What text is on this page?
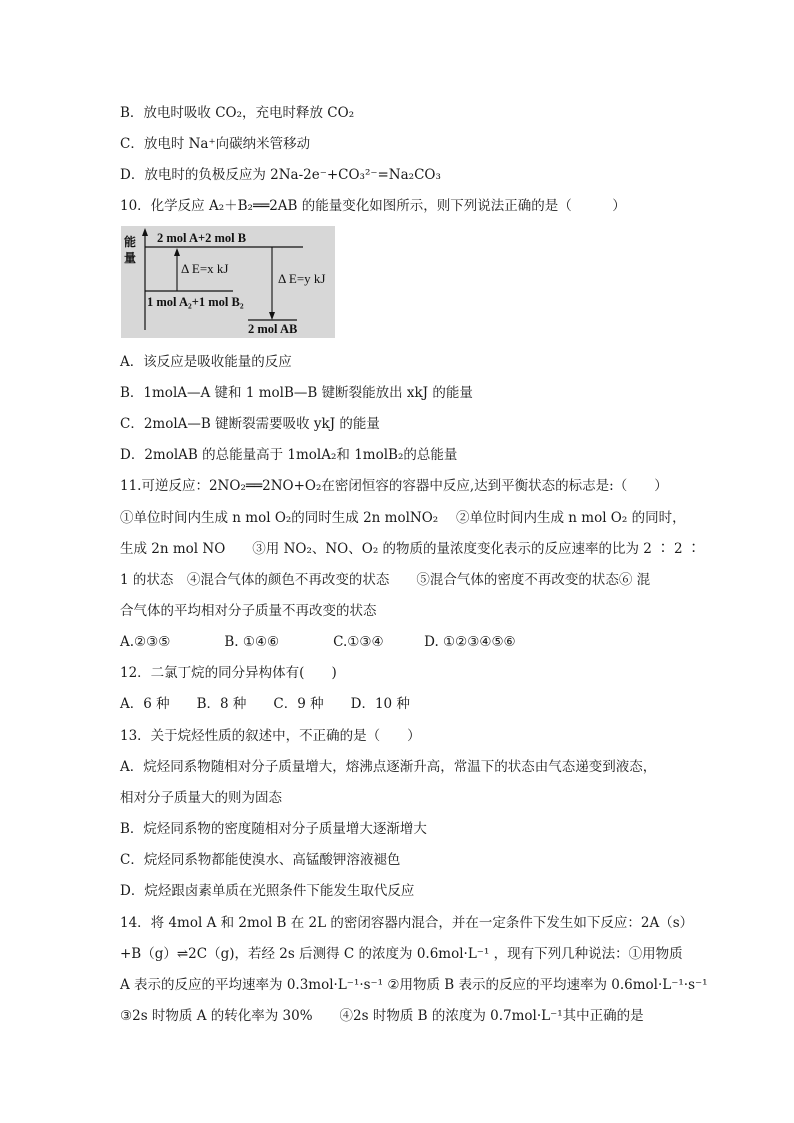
B．放电时吸收 CO₂，充电时释放 CO₂
C．放电时 Na⁺向碳纳米管移动
D．放电时的负极反应为 2Na-2e⁻+CO₃²⁻=Na₂CO₃
10．化学反应 A₂＋B₂══2AB 的能量变化如图所示，则下列说法正确的是（　　　）
A．该反应是吸收能量的反应
B．1molA—A 键和 1 molB—B 键断裂能放出 xkJ 的能量
C．2molA—B 键断裂需要吸收 ykJ 的能量
D．2molAB 的总能量高于 1molA₂和 1molB₂的总能量
11.可逆反应：2NO₂══2NO+O₂在密闭恒容的容器中反应,达到平衡状态的标志是:（　　）
①单位时间内生成 n mol O₂的同时生成 2n molNO₂　 ②单位时间内生成 n mol O₂ 的同时，
生成 2n mol NO　　③用 NO₂、NO、O₂ 的物质的量浓度变化表示的反应速率的比为 2 ∶ 2 ∶
1 的状态　④混合气体的颜色不再改变的状态　　⑤混合气体的密度不再改变的状态⑥ 混
合气体的平均相对分子质量不再改变的状态
A.②③⑤　　　　B. ①④⑥　　　　C.①③④　　　D. ①②③④⑤⑥
12．二氯丁烷的同分异构体有(　　)
A．6 种　　B．8 种　　C．9 种　　D．10 种
13．关于烷烃性质的叙述中，不正确的是（　　）
A．烷烃同系物随相对分子质量增大，熔沸点逐渐升高，常温下的状态由气态递变到液态，
相对分子质量大的则为固态
B．烷烃同系物的密度随相对分子质量增大逐渐增大
C．烷烃同系物都能使溴水、高锰酸钾溶液褪色
D．烷烃跟卤素单质在光照条件下能发生取代反应
14．将 4mol A 和 2mol B 在 2L 的密闭容器内混合，并在一定条件下发生如下反应：2A（s）
+B（g）⇌2C（g)，若经 2s 后测得 C 的浓度为 0.6mol·L⁻¹ ，现有下列几种说法：①用物质
A 表示的反应的平均速率为 0.3mol·L⁻¹·s⁻¹ ②用物质 B 表示的反应的平均速率为 0.6mol·L⁻¹·s⁻¹
③2s 时物质 A 的转化率为 30%　　④2s 时物质 B 的浓度为 0.7mol·L⁻¹其中正确的是
能
量
2 mol A+2 mol B
1 mol A₂+1 mol B₂
Δ E=x kJ
Δ E=y kJ
2 mol AB
